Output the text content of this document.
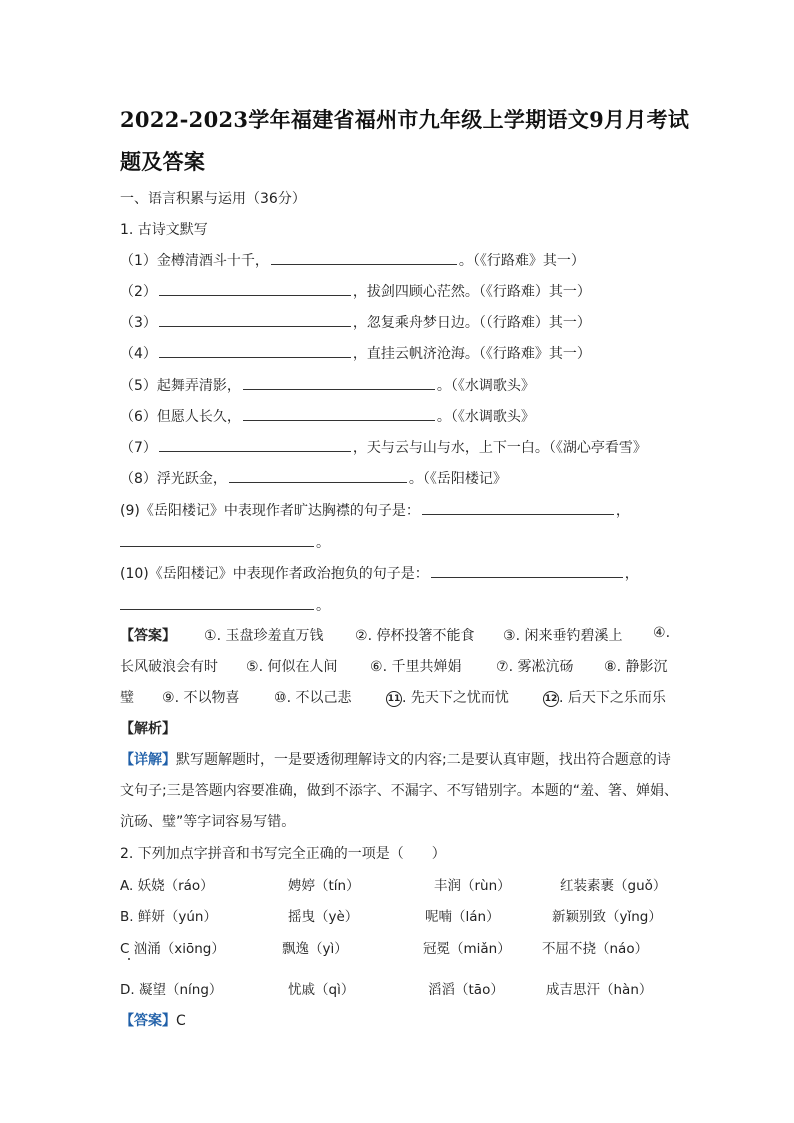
2022-2023学年福建省福州市九年级上学期语文9月月考试
题及答案
一、语言积累与运用（36分）
1. 古诗文默写
（1）金樽清酒斗十千，	。（《行路难》其一）
（2）	，拔剑四顾心茫然。（《行路难）其一）
（3）	，忽复乘舟梦日边。（（行路难）其一）
（4）	，直挂云帆济沧海。（《行路难》其一）
（5）起舞弄清影，	。（《水调歌头》
（6）但愿人长久，	。（《水调歌头》
（7）	，天与云与山与水，上下一白。（《湖心亭看雪》
（8）浮光跃金，	。（《岳阳楼记》
(9)《岳阳楼记》中表现作者旷达胸襟的句子是：	，
。
(10)《岳阳楼记》中表现作者政治抱负的句子是：	，
。
【答案】 ①. 玉盘珍羞直万钱 ②. 停杯投箸不能食 ③. 闲来垂钓碧溪上 ④.
长风破浪会有时 ⑤. 何似在人间 ⑥. 千里共婵娟 ⑦. 雾凇沆砀 ⑧. 静影沉
璧 ⑨. 不以物喜 ⑩. 不以己悲	11 . 先天下之忧而忧	12 . 后天下之乐而乐
【解析】
【详解】默写题解题时，一是要透彻理解诗文的内容;二是要认真审题，找出符合题意的诗
文句子;三是答题内容要准确，做到不添字、不漏字、不写错别字。本题的“羞、箸、婵娟、
沆砀、璧”等字词容易写错。
2. 下列加点字拼音和书写完全正确的一项是（　　）
A. 妖娆（ráo）	娉婷（tín）	丰润（rùn）	红装素裹（guǒ）
B. 鲜妍（yún）	摇曳（yè）	呢喃（lán）	新颖别致（yǐng）
C 汹涌（xiōng）	飘逸（yì）	冠冕（miǎn） 不屈不挠（náo）
D. 凝望（níng）	忧戚（qì）	滔滔（tāo）	成吉思汗（hàn）
【答案】C
